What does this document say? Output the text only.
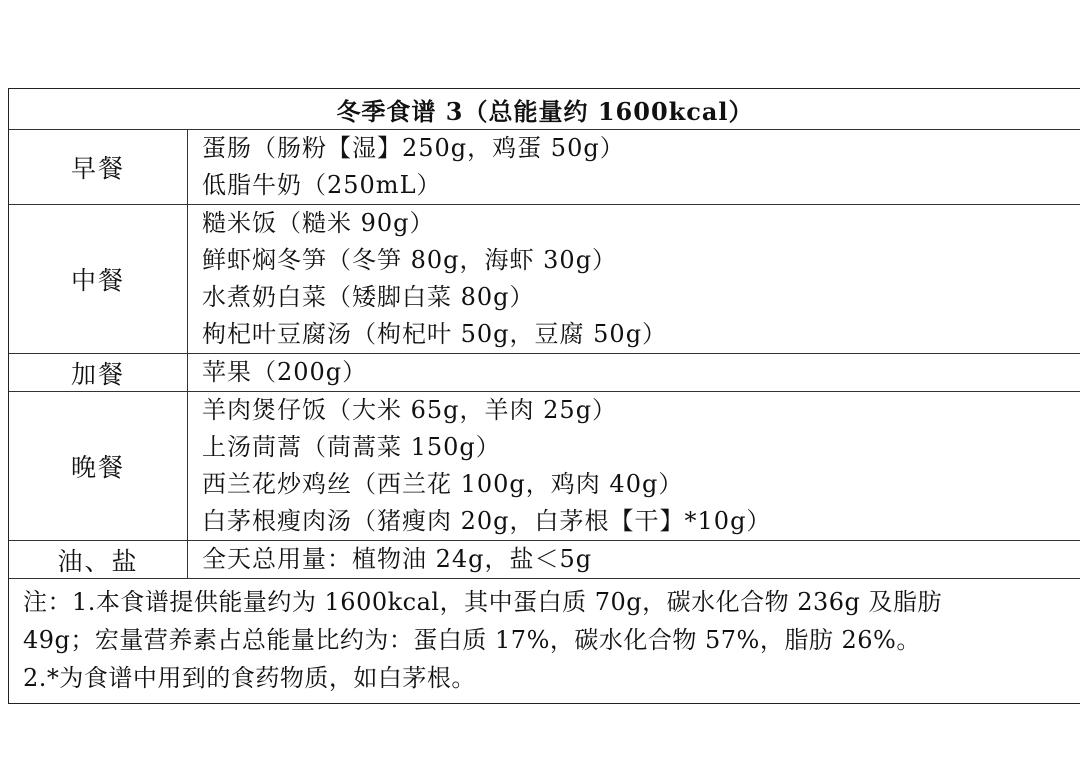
冬季食谱 3（总能量约 1600kcal）
早餐
蛋肠（肠粉【湿】250g，鸡蛋 50g）
低脂牛奶（250mL）
中餐
糙米饭（糙米 90g）
鲜虾焖冬笋（冬笋 80g，海虾 30g）
水煮奶白菜（矮脚白菜 80g）
枸杞叶豆腐汤（枸杞叶 50g，豆腐 50g）
加餐	苹果（200g）
晚餐
羊肉煲仔饭（大米 65g，羊肉 25g）
上汤茼蒿（茼蒿菜 150g）
西兰花炒鸡丝（西兰花 100g，鸡肉 40g）
白茅根瘦肉汤（猪瘦肉 20g，白茅根【干】*10g）
油、盐	全天总用量：植物油 24g，盐＜5g
注：1.本食谱提供能量约为 1600kcal，其中蛋白质 70g，碳水化合物 236g 及脂肪
49g；宏量营养素占总能量比约为：蛋白质 17%，碳水化合物 57%，脂肪 26%。
2.*为食谱中用到的食药物质，如白茅根。
